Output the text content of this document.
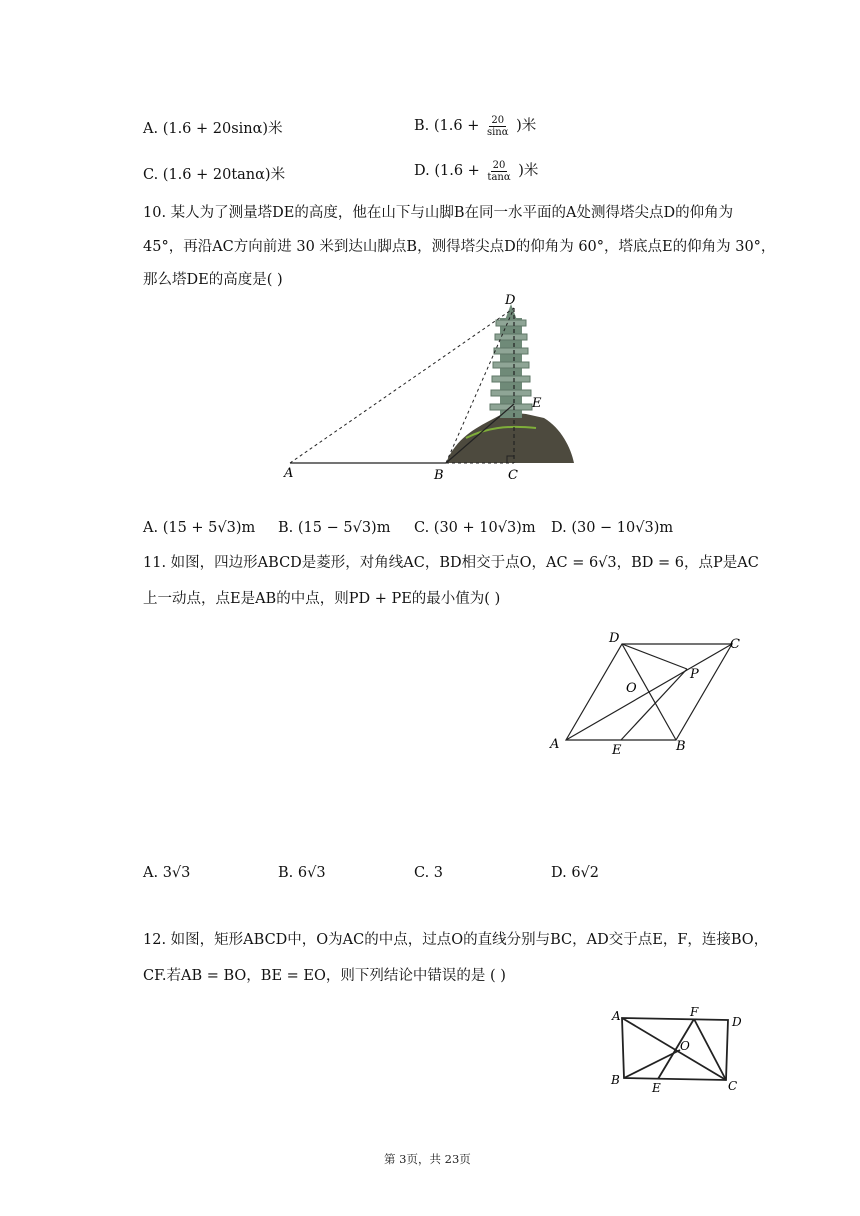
A. (1.6 + 20sinα)米	B. ($1.6 + \frac{20}{\sin\alpha}$ )米
C. (1.6 + 20tanα)米	D. ($1.6 + \frac{20}{\tan\alpha}$ )米
10. 某人为了测量塔DE的高度，他在山下与山脚B在同一水平面的A处测得塔尖点D的仰角为
45°，再沿AC方向前进 30 米到达山脚点B，测得塔尖点D的仰角为 60°，塔底点E的仰角为 30°，
那么塔DE的高度是( )
D
E
A	B	C
A. (15 + 5√3)m B. (15 − 5√3)m C. (30 + 10√3)m D. (30 − 10√3)m
11. 如图，四边形ABCD是菱形，对角线AC，BD相交于点O，AC = 6√3，BD = 6，点P是AC
上一动点，点E是AB的中点，则PD + PE的最小值为( )
D	C
P
O
A	E	B
A. 3√3	B. 6√3	C. 3	D. 6√2
12. 如图，矩形ABCD中，O为AC的中点，过点O的直线分别与BC，AD交于点E，F，连接BO，
CF.若AB = BO，BE = EO，则下列结论中错误的是 ( )
A	F
D
O
B
E	C
第 3页，共 23页
